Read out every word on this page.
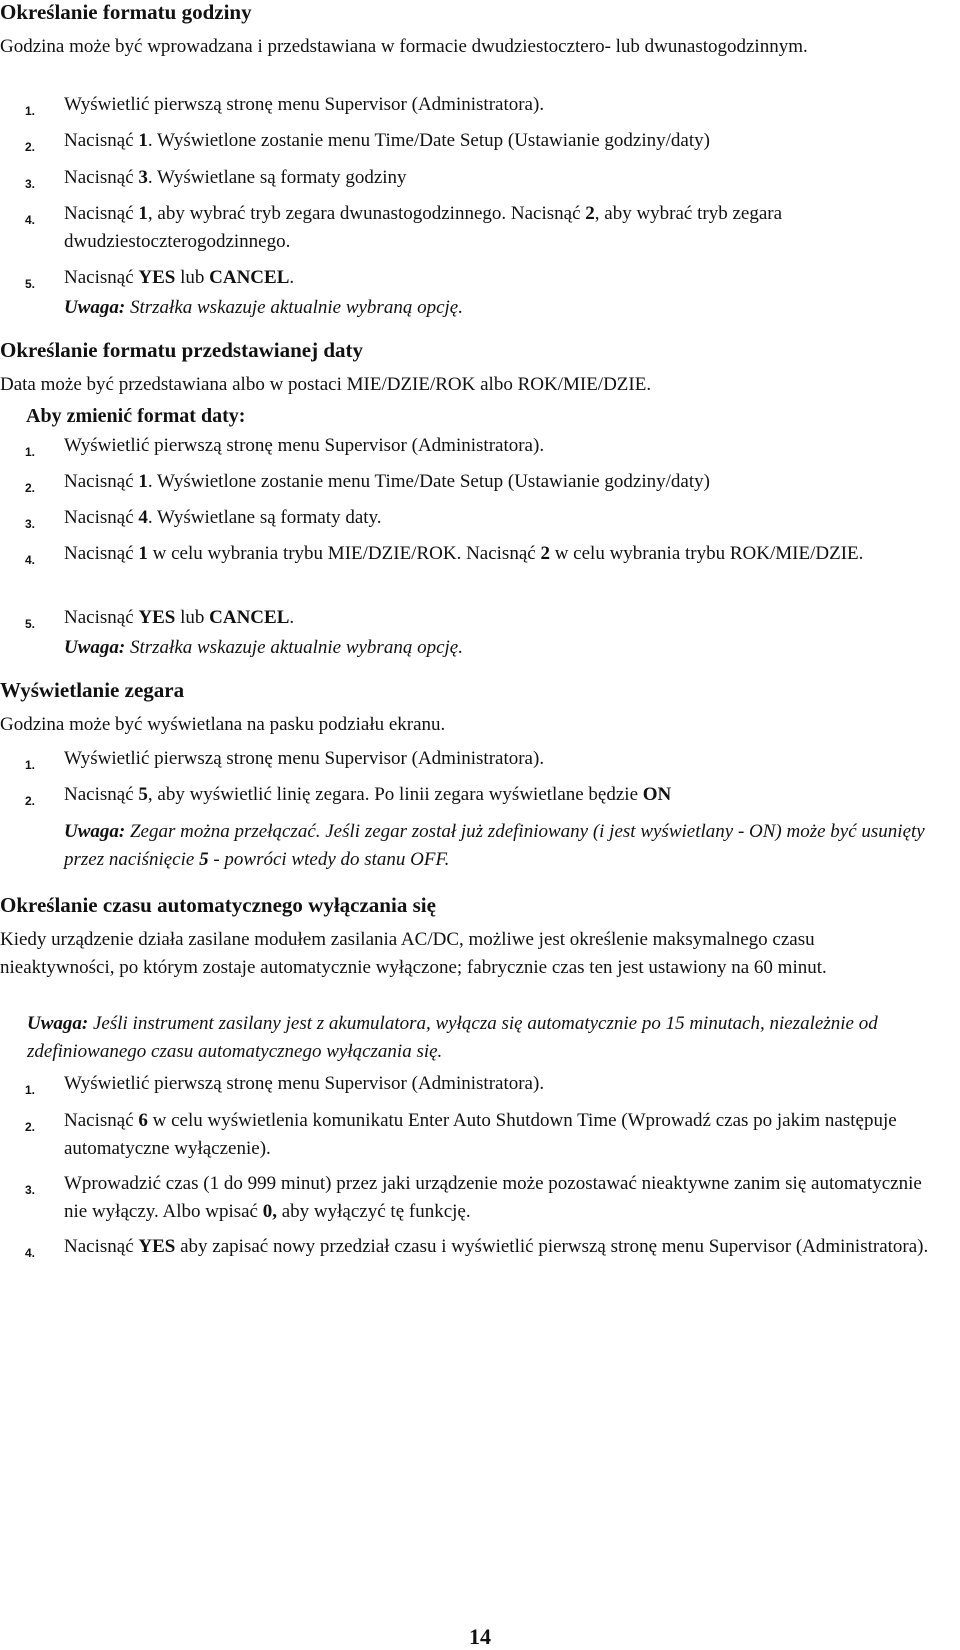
Określanie formatu godziny
Godzina może być wprowadzana i przedstawiana w formacie dwudziestocztero- lub dwunastogodzinnym.
1. Wyświetlić pierwszą stronę menu Supervisor (Administratora).
2. Nacisnąć 1. Wyświetlone zostanie menu Time/Date Setup (Ustawianie godziny/daty)
3. Nacisnąć 3. Wyświetlane są formaty godziny
4. Nacisnąć 1, aby wybrać tryb zegara dwunastogodzinnego. Nacisnąć 2, aby wybrać tryb zegara dwudziestoczterogodzinnego.
5. Nacisnąć YES lub CANCEL.
Uwaga: Strzałka wskazuje aktualnie wybraną opcję.
Określanie formatu przedstawianej daty
Data może być przedstawiana albo w postaci MIE/DZIE/ROK albo ROK/MIE/DZIE.
Aby zmienić format daty:
1. Wyświetlić pierwszą stronę menu Supervisor (Administratora).
2. Nacisnąć 1. Wyświetlone zostanie menu Time/Date Setup (Ustawianie godziny/daty)
3. Nacisnąć 4. Wyświetlane są formaty daty.
4. Nacisnąć 1 w celu wybrania trybu MIE/DZIE/ROK. Nacisnąć 2 w celu wybrania trybu ROK/MIE/DZIE.
5. Nacisnąć YES lub CANCEL.
Uwaga: Strzałka wskazuje aktualnie wybraną opcję.
Wyświetlanie zegara
Godzina może być wyświetlana na pasku podziału ekranu.
1. Wyświetlić pierwszą stronę menu Supervisor (Administratora).
2. Nacisnąć 5, aby wyświetlić linię zegara. Po linii zegara wyświetlane będzie ON
Uwaga: Zegar można przełączać. Jeśli zegar został już zdefiniowany (i jest wyświetlany - ON) może być usunięty przez naciśnięcie 5 - powróci wtedy do stanu OFF.
Określanie czasu automatycznego wyłączania się
Kiedy urządzenie działa zasilane modułem zasilania AC/DC, możliwe jest określenie maksymalnego czasu nieaktywności, po którym zostaje automatycznie wyłączone; fabrycznie czas ten jest ustawiony na 60 minut.
Uwaga: Jeśli instrument zasilany jest z akumulatora, wyłącza się automatycznie po 15 minutach, niezależnie od zdefiniowanego czasu automatycznego wyłączania się.
1. Wyświetlić pierwszą stronę menu Supervisor (Administratora).
2. Nacisnąć 6 w celu wyświetlenia komunikatu Enter Auto Shutdown Time (Wprowadź czas po jakim następuje automatyczne wyłączenie).
3. Wprowadzić czas (1 do 999 minut) przez jaki urządzenie może pozostawać nieaktywne zanim się automatycznie nie wyłączy. Albo wpisać 0, aby wyłączyć tę funkcję.
4. Nacisnąć YES aby zapisać nowy przedział czasu i wyświetlić pierwszą stronę menu Supervisor (Administratora).
14
